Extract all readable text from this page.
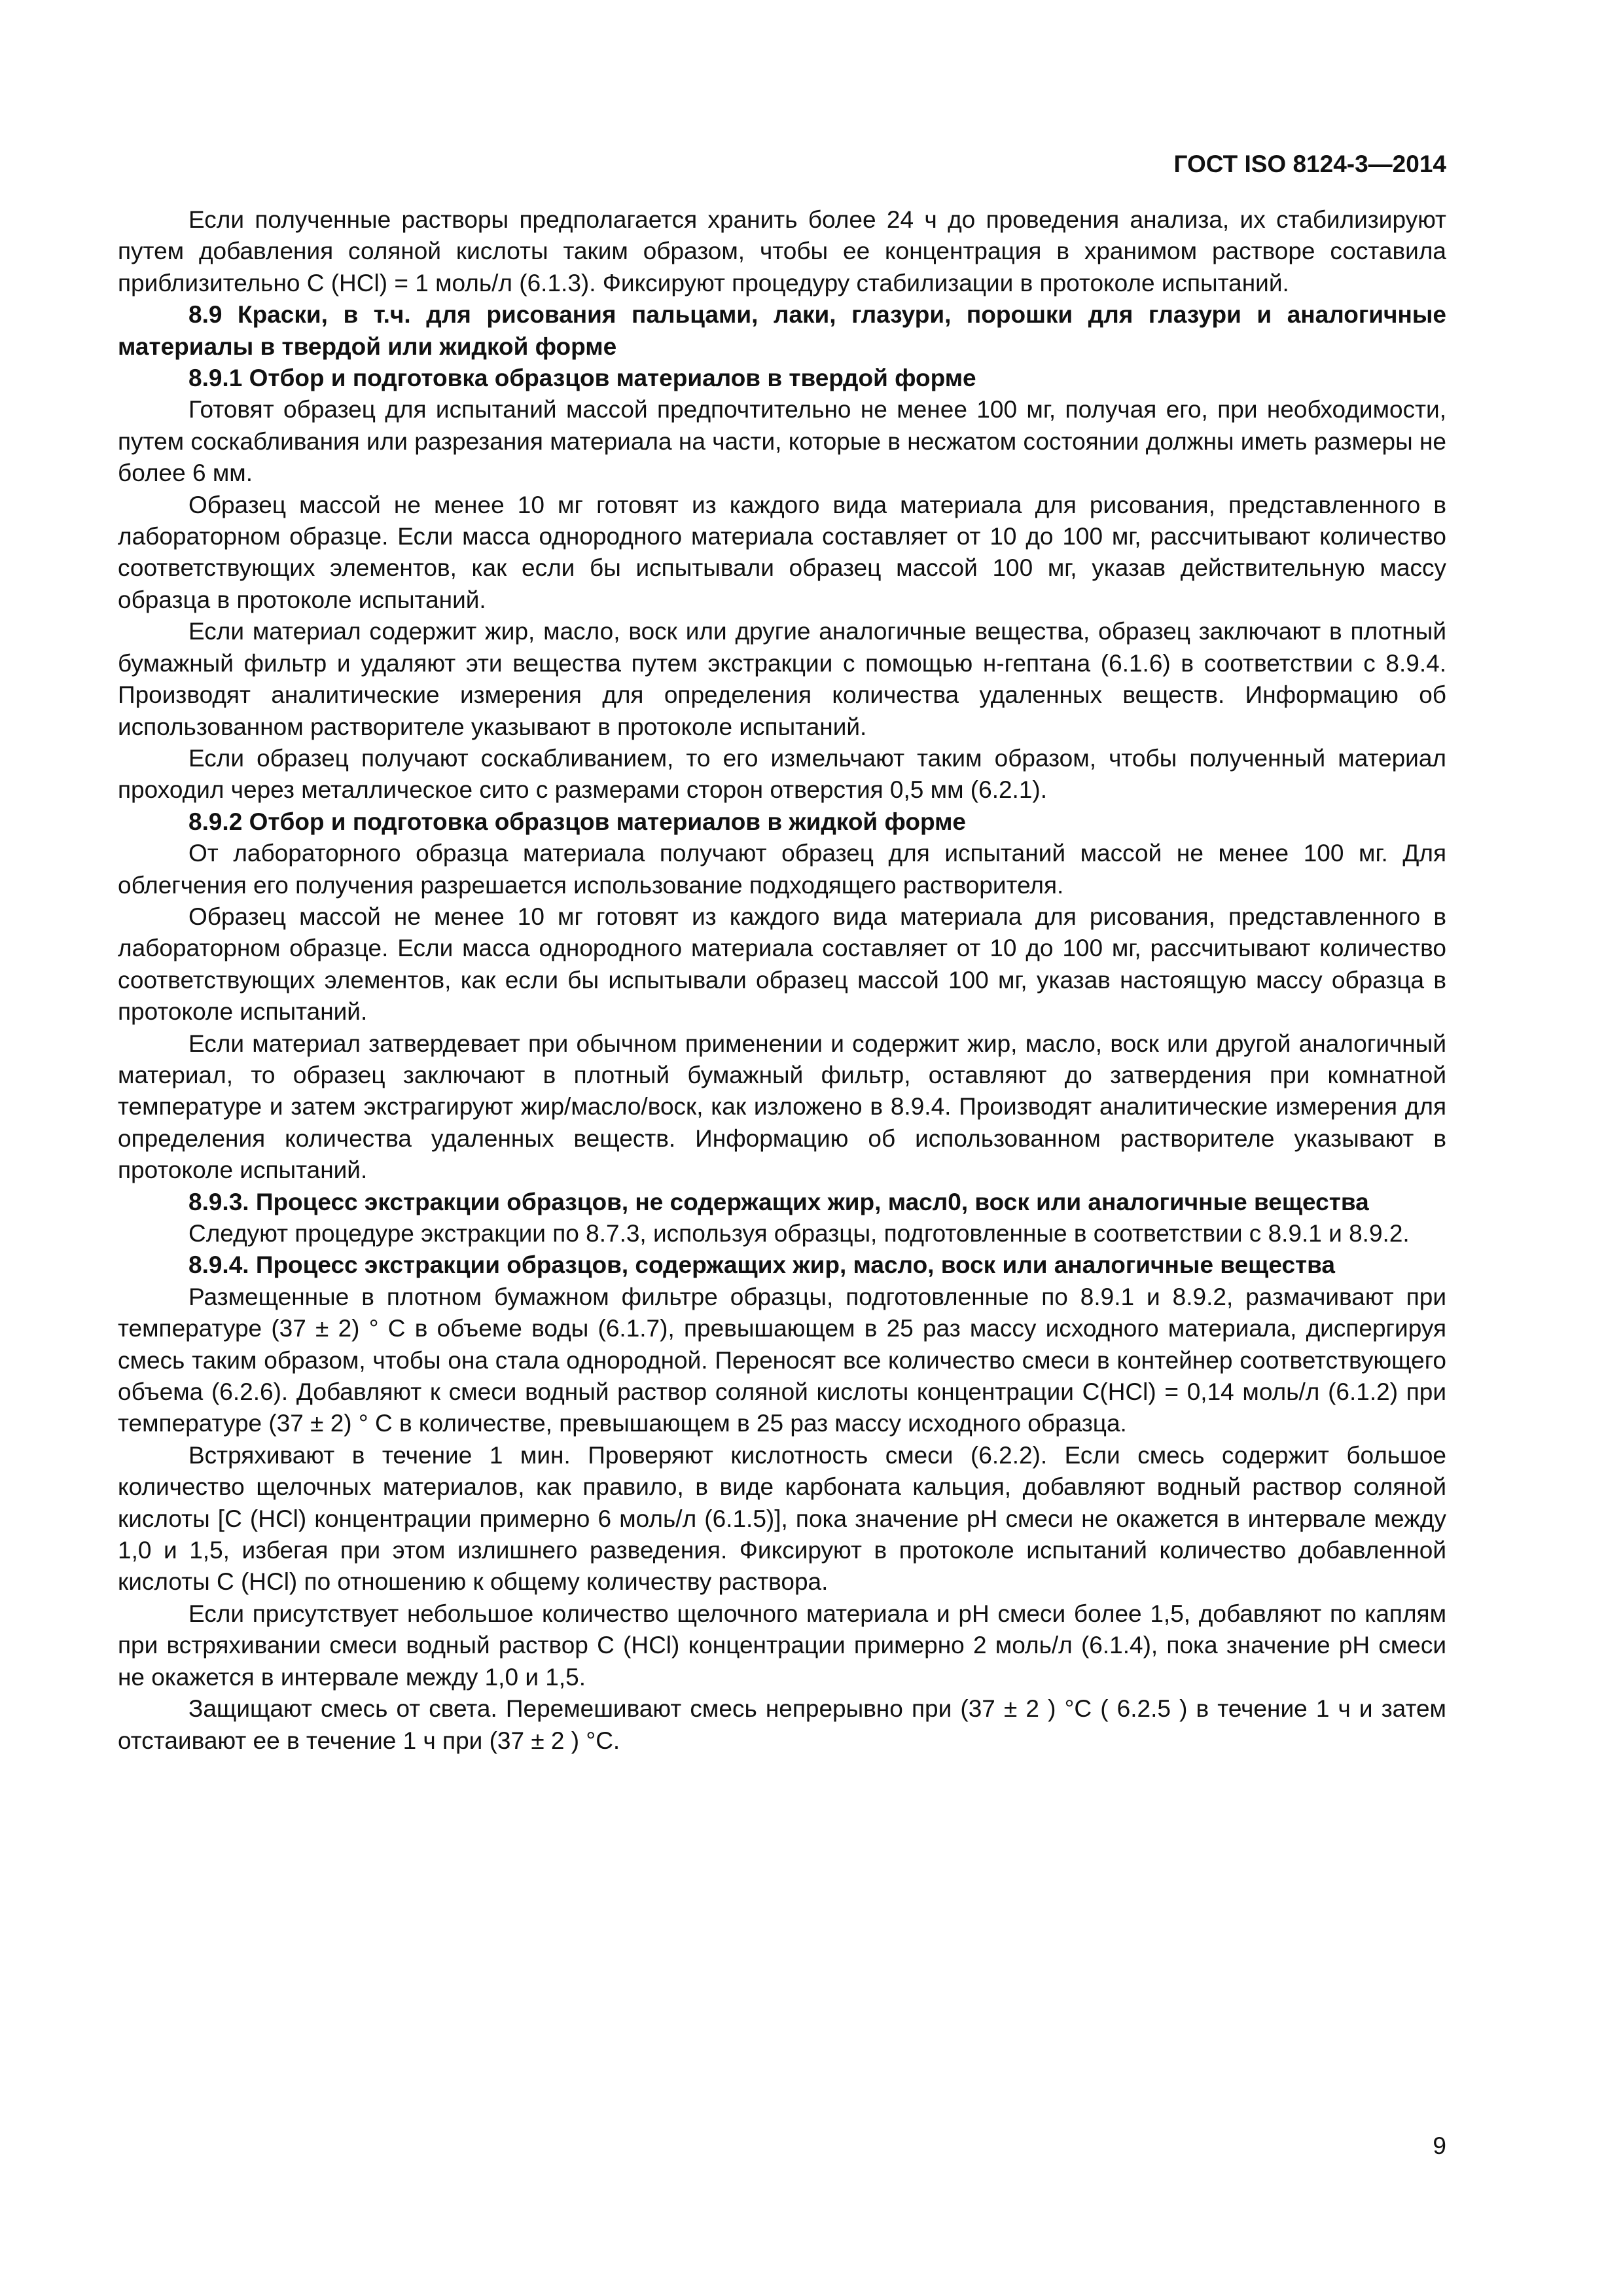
ГОСТ ISO 8124-3—2014

Если полученные растворы предполагается хранить более 24 ч до проведения анализа, их стабилизируют путем добавления соляной кислоты таким образом, чтобы ее концентрация в хранимом растворе составила приблизительно C (HCl) = 1 моль/л (6.1.3). Фиксируют процедуру стабилизации в протоколе испытаний.

8.9 Краски, в т.ч. для рисования пальцами, лаки, глазури, порошки для глазури и аналогичные материалы в твердой или жидкой форме

8.9.1 Отбор и подготовка образцов материалов в твердой форме

Готовят образец для испытаний массой предпочтительно не менее 100 мг, получая его, при необходимости, путем соскабливания или разрезания материала на части, которые в несжатом состоянии должны иметь размеры не более 6 мм.

Образец массой не менее 10 мг готовят из каждого вида материала для рисования, представленного в лабораторном образце. Если масса однородного материала составляет от 10 до 100 мг, рассчитывают количество соответствующих элементов, как если бы испытывали образец массой 100 мг, указав действительную массу образца в протоколе испытаний.

Если материал содержит жир, масло, воск или другие аналогичные вещества, образец заключают в плотный бумажный фильтр и удаляют эти вещества путем экстракции с помощью н-гептана (6.1.6) в соответствии с 8.9.4. Производят аналитические измерения для определения количества удаленных веществ. Информацию об использованном растворителе указывают в протоколе испытаний.

Если образец получают соскабливанием, то его измельчают таким образом, чтобы полученный материал проходил через металлическое сито с размерами сторон отверстия 0,5 мм (6.2.1).

8.9.2 Отбор и подготовка образцов материалов в жидкой форме

От лабораторного образца материала получают образец для испытаний массой не менее 100 мг. Для облегчения его получения разрешается использование подходящего растворителя.

Образец массой не менее 10 мг готовят из каждого вида материала для рисования, представленного в лабораторном образце. Если масса однородного материала составляет от 10 до 100 мг, рассчитывают количество соответствующих элементов, как если бы испытывали образец массой 100 мг, указав настоящую массу образца в протоколе испытаний.

Если материал затвердевает при обычном применении и содержит жир, масло, воск или другой аналогичный материал, то образец заключают в плотный бумажный фильтр, оставляют до затвердения при комнатной температуре и затем экстрагируют жир/масло/воск, как изложено в 8.9.4. Производят аналитические измерения для определения количества удаленных веществ. Информацию об использованном растворителе указывают в протоколе испытаний.

8.9.3. Процесс экстракции образцов, не содержащих жир, масл0, воск или аналогичные вещества

Следуют процедуре экстракции по 8.7.3, используя образцы, подготовленные в соответствии с 8.9.1 и 8.9.2.

8.9.4. Процесс экстракции образцов, содержащих жир, масло, воск или аналогичные вещества

Размещенные в плотном бумажном фильтре образцы, подготовленные по 8.9.1 и 8.9.2, размачивают при температуре (37 ± 2) ° С в объеме воды (6.1.7), превышающем в 25 раз массу исходного материала, диспергируя смесь таким образом, чтобы она стала однородной. Переносят все количество смеси в контейнер соответствующего объема (6.2.6). Добавляют к смеси водный раствор соляной кислоты концентрации C(HCl) = 0,14 моль/л (6.1.2) при температуре (37 ± 2) ° С в количестве, превышающем в 25 раз массу исходного образца.

Встряхивают в течение 1 мин. Проверяют кислотность смеси (6.2.2). Если смесь содержит большое количество щелочных материалов, как правило, в виде карбоната кальция, добавляют водный раствор соляной кислоты [C (HCl) концентрации примерно 6 моль/л (6.1.5)], пока значение pH смеси не окажется в интервале между 1,0 и 1,5, избегая при этом излишнего разведения. Фиксируют в протоколе испытаний количество добавленной кислоты C (HCl) по отношению к общему количеству раствора.

Если присутствует небольшое количество щелочного материала и pH смеси более 1,5, добавляют по каплям при встряхивании смеси водный раствор C (HCl) концентрации примерно 2 моль/л (6.1.4), пока значение pH смеси не окажется в интервале между 1,0 и 1,5.

Защищают смесь от света. Перемешивают смесь непрерывно при (37 ± 2 ) °С ( 6.2.5 ) в течение 1 ч и затем отстаивают ее в течение 1 ч при (37 ± 2 ) °С.

9
